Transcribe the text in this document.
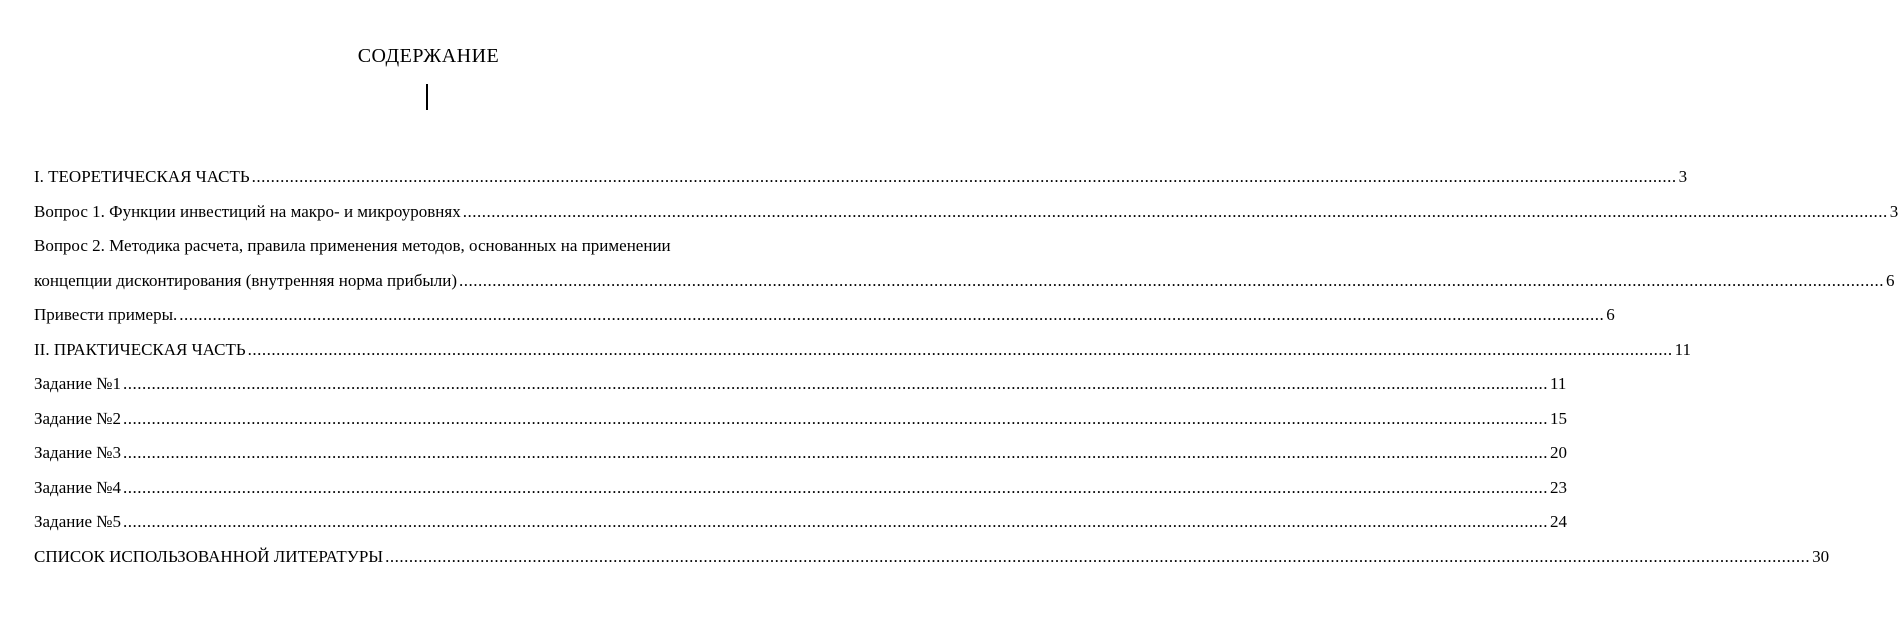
СОДЕРЖАНИЕ
I. ТЕОРЕТИЧЕСКАЯ ЧАСТЬ ............................................................................................................................................................................................................................................................................................................ 3
Вопрос 1. Функции инвестиций на макро- и микроуровнях ............................................................................................................................................................................................................................................................................................................ 3
Вопрос 2. Методика расчета, правила применения методов, основанных на применении
концепции дисконтирования (внутренняя норма прибыли) ............................................................................................................................................................................................................................................................................................................ 6
Привести примеры. ............................................................................................................................................................................................................................................................................................................ 6
II. ПРАКТИЧЕСКАЯ ЧАСТЬ ............................................................................................................................................................................................................................................................................................................ 11
Задание №1 ............................................................................................................................................................................................................................................................................................................ 11
Задание №2 ............................................................................................................................................................................................................................................................................................................ 15
Задание №3 ............................................................................................................................................................................................................................................................................................................ 20
Задание №4 ............................................................................................................................................................................................................................................................................................................ 23
Задание №5 ............................................................................................................................................................................................................................................................................................................ 24
СПИСОК ИСПОЛЬЗОВАННОЙ ЛИТЕРАТУРЫ ............................................................................................................................................................................................................................................................................................................ 30
